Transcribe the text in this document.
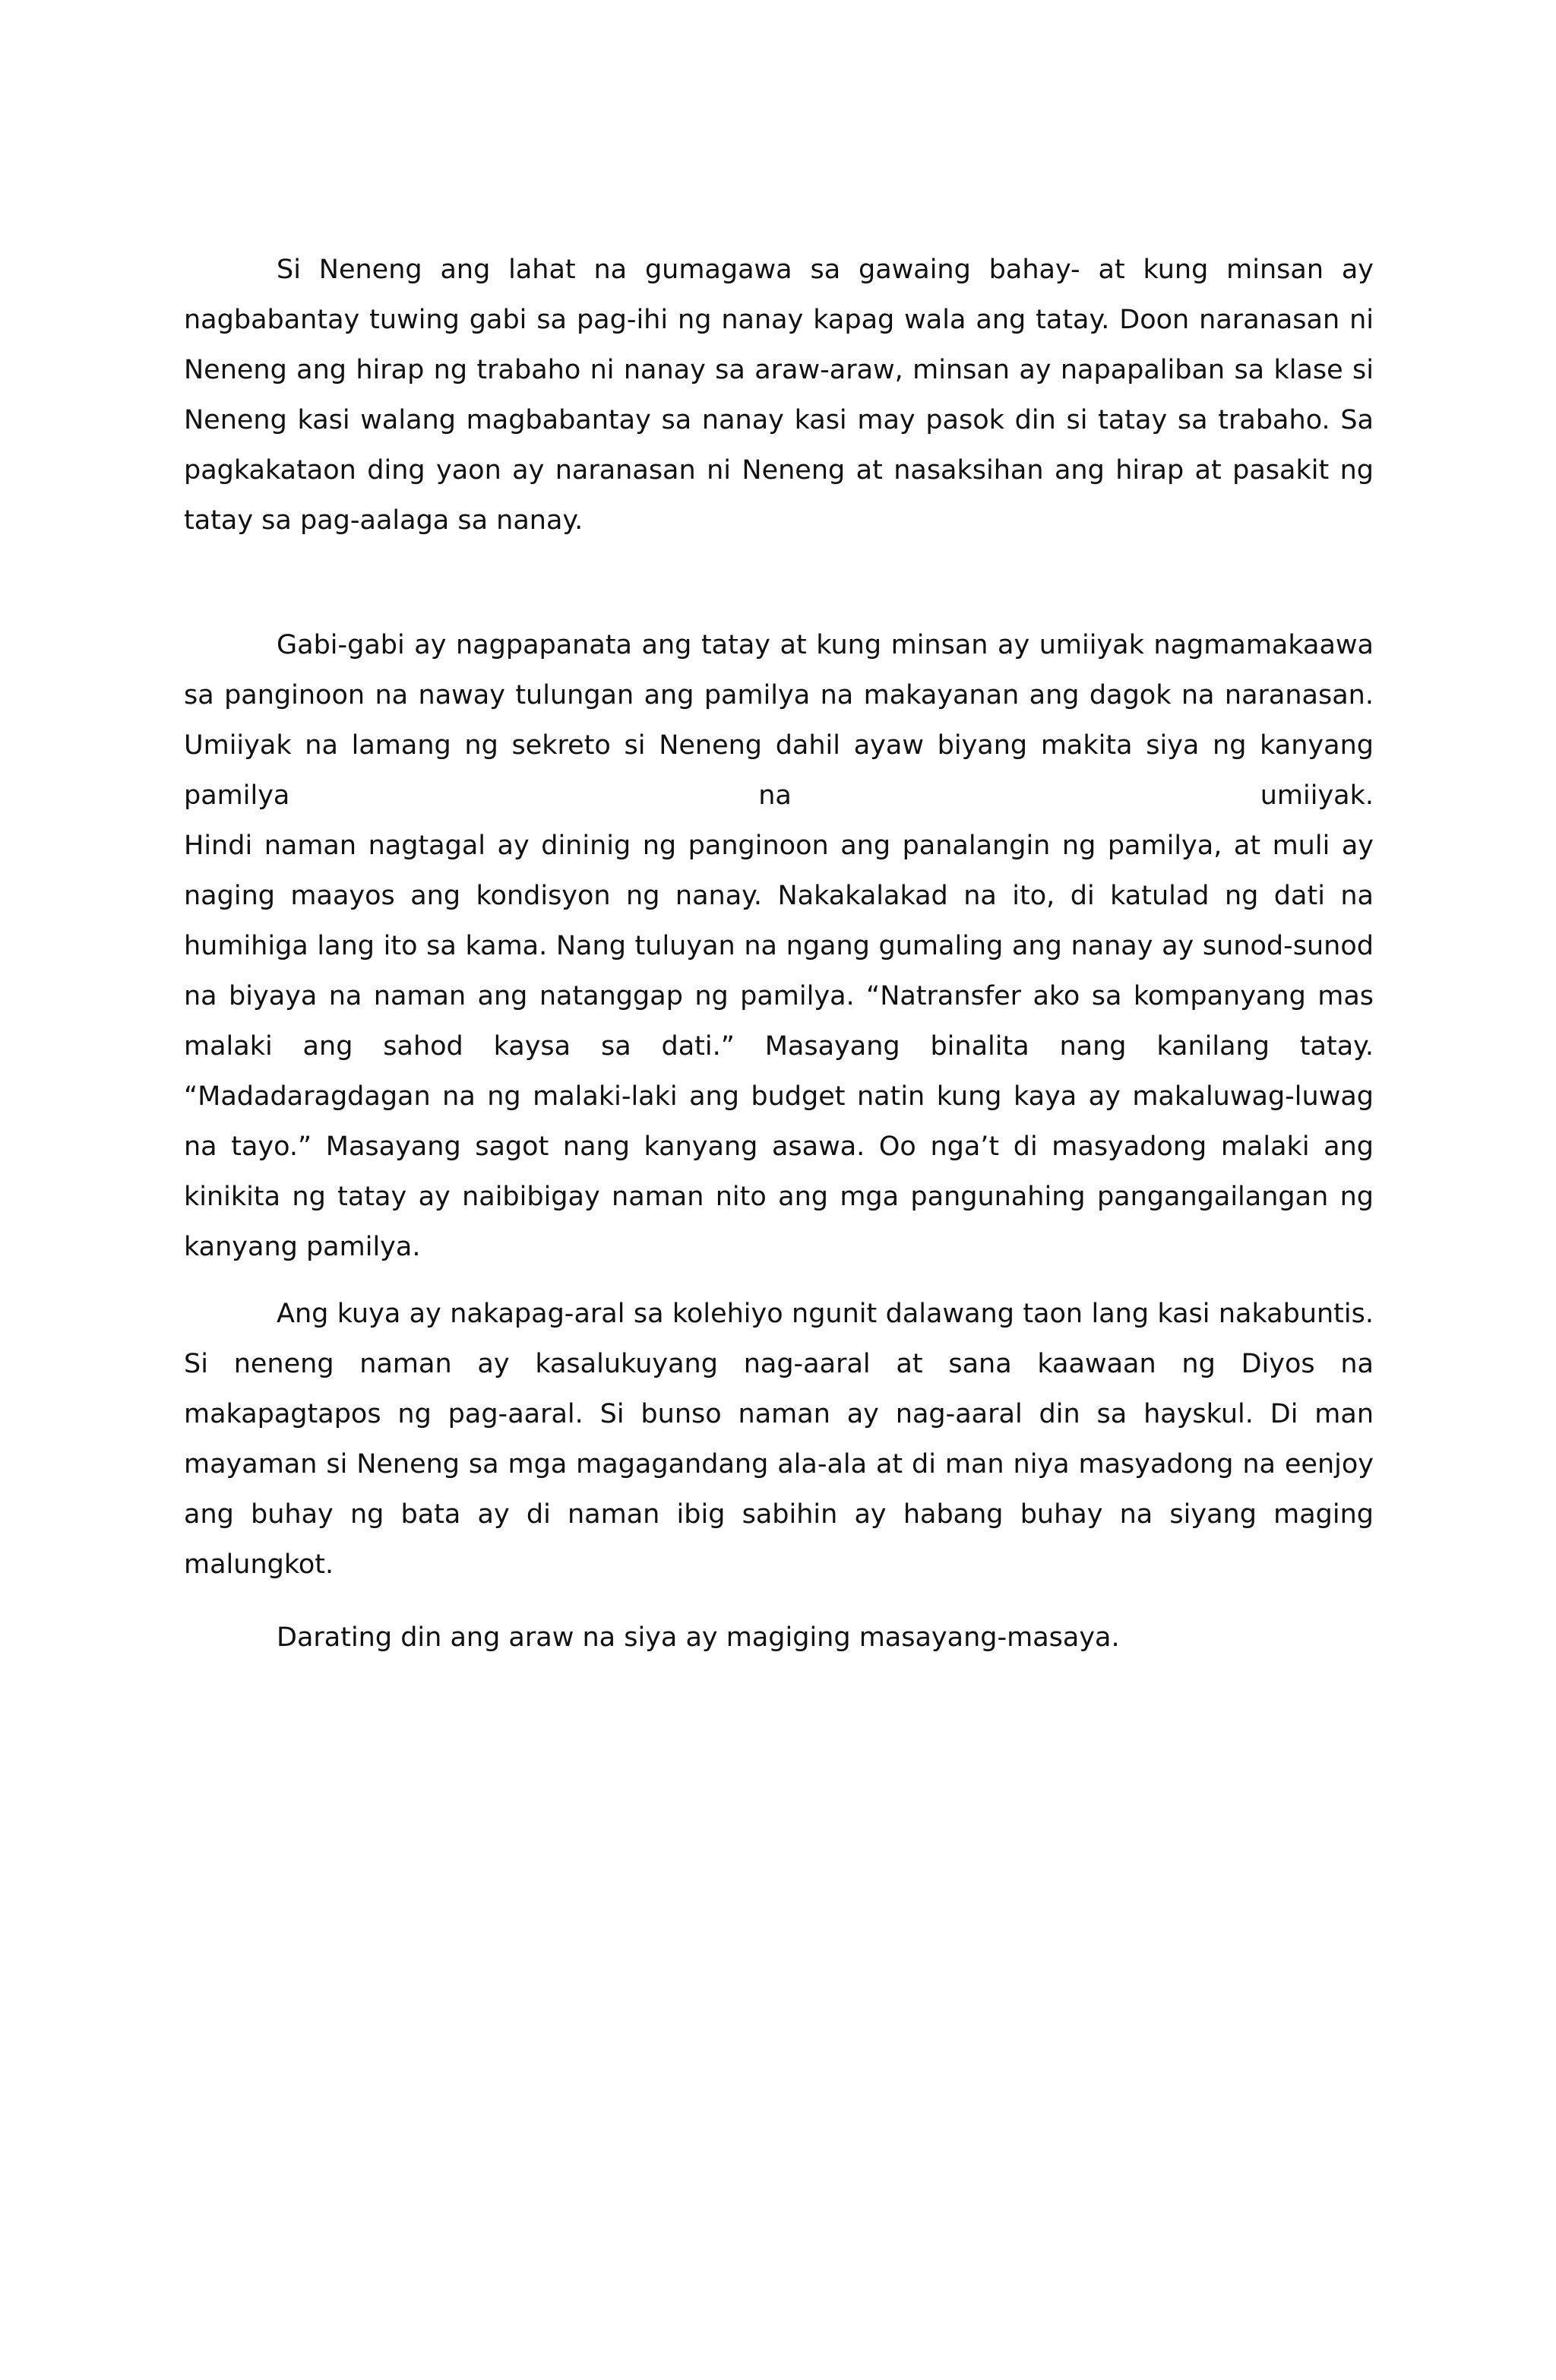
Si Neneng ang lahat na gumagawa sa gawaing bahay- at kung minsan ay nagbabantay tuwing gabi sa pag-ihi ng nanay kapag wala ang tatay. Doon naranasan ni Neneng ang hirap ng trabaho ni nanay sa araw-araw, minsan ay napapaliban sa klase si Neneng kasi walang magbabantay sa nanay kasi may pasok din si tatay sa trabaho. Sa pagkakataon ding yaon ay naranasan ni Neneng at nasaksihan ang hirap at pasakit ng tatay sa pag-aalaga sa nanay.

Gabi-gabi ay nagpapanata ang tatay at kung minsan ay umiiyak nagmamakaawa sa panginoon na naway tulungan ang pamilya na makayanan ang dagok na naranasan. Umiiyak na lamang ng sekreto si Neneng dahil ayaw biyang makita siya ng kanyang pamilya na umiiyak.

Hindi naman nagtagal ay dininig ng panginoon ang panalangin ng pamilya, at muli ay naging maayos ang kondisyon ng nanay. Nakakalakad na ito, di katulad ng dati na humihiga lang ito sa kama. Nang tuluyan na ngang gumaling ang nanay ay sunod-sunod na biyaya na naman ang natanggap ng pamilya. “Natransfer ako sa kompanyang mas malaki ang sahod kaysa sa dati.” Masayang binalita nang kanilang tatay. “Madadaragdagan na ng malaki-laki ang budget natin kung kaya ay makaluwag-luwag na tayo.” Masayang sagot nang kanyang asawa. Oo nga’t di masyadong malaki ang kinikita ng tatay ay naibibigay naman nito ang mga pangunahing pangangailangan ng kanyang pamilya.

Ang kuya ay nakapag-aral sa kolehiyo ngunit dalawang taon lang kasi nakabuntis. Si neneng naman ay kasalukuyang nag-aaral at sana kaawaan ng Diyos na makapagtapos ng pag-aaral. Si bunso naman ay nag-aaral din sa hayskul. Di man mayaman si Neneng sa mga magagandang ala-ala at di man niya masyadong na eenjoy ang buhay ng bata ay di naman ibig sabihin ay habang buhay na siyang maging malungkot.

Darating din ang araw na siya ay magiging masayang-masaya.
